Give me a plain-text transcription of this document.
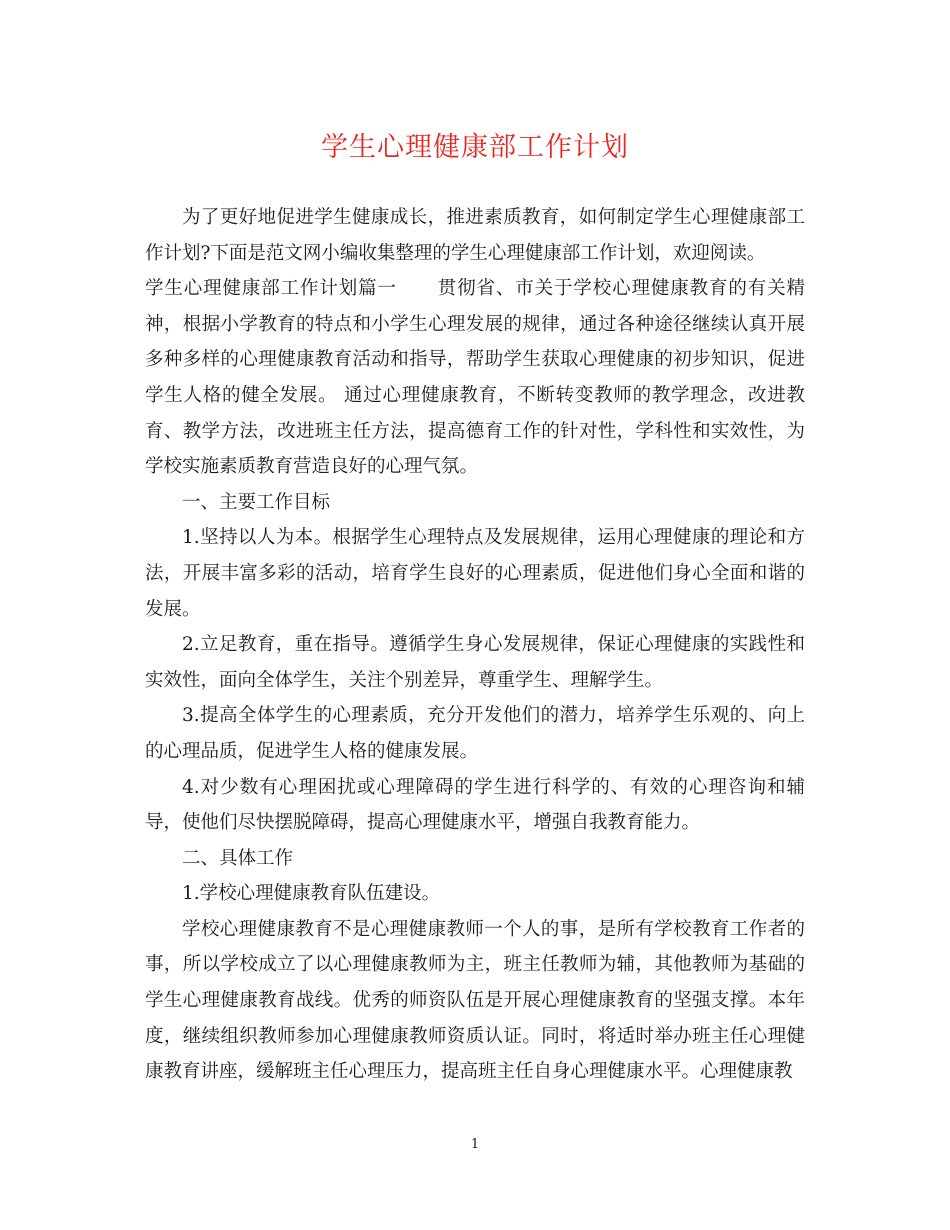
学生心理健康部工作计划

为了更好地促进学生健康成长，推进素质教育，如何制定学生心理健康部工作计划?下面是范文网小编收集整理的学生心理健康部工作计划，欢迎阅读。

学生心理健康部工作计划篇一 贯彻省、市关于学校心理健康教育的有关精神，根据小学教育的特点和小学生心理发展的规律，通过各种途径继续认真开展多种多样的心理健康教育活动和指导，帮助学生获取心理健康的初步知识，促进学生人格的健全发展。 通过心理健康教育，不断转变教师的教学理念，改进教育、教学方法，改进班主任方法，提高德育工作的针对性，学科性和实效性，为学校实施素质教育营造良好的心理气氛。

一、主要工作目标

1.坚持以人为本。根据学生心理特点及发展规律，运用心理健康的理论和方法，开展丰富多彩的活动，培育学生良好的心理素质，促进他们身心全面和谐的发展。

2.立足教育，重在指导。遵循学生身心发展规律，保证心理健康的实践性和实效性，面向全体学生，关注个别差异，尊重学生、理解学生。

3.提高全体学生的心理素质，充分开发他们的潜力，培养学生乐观的、向上的心理品质，促进学生人格的健康发展。

4.对少数有心理困扰或心理障碍的学生进行科学的、有效的心理咨询和辅导，使他们尽快摆脱障碍，提高心理健康水平，增强自我教育能力。

二、具体工作

1.学校心理健康教育队伍建设。

学校心理健康教育不是心理健康教师一个人的事，是所有学校教育工作者的事，所以学校成立了以心理健康教师为主，班主任教师为辅，其他教师为基础的学生心理健康教育战线。优秀的师资队伍是开展心理健康教育的坚强支撑。本年度，继续组织教师参加心理健康教师资质认证。同时，将适时举办班主任心理健康教育讲座，缓解班主任心理压力，提高班主任自身心理健康水平。心理健康教

1
